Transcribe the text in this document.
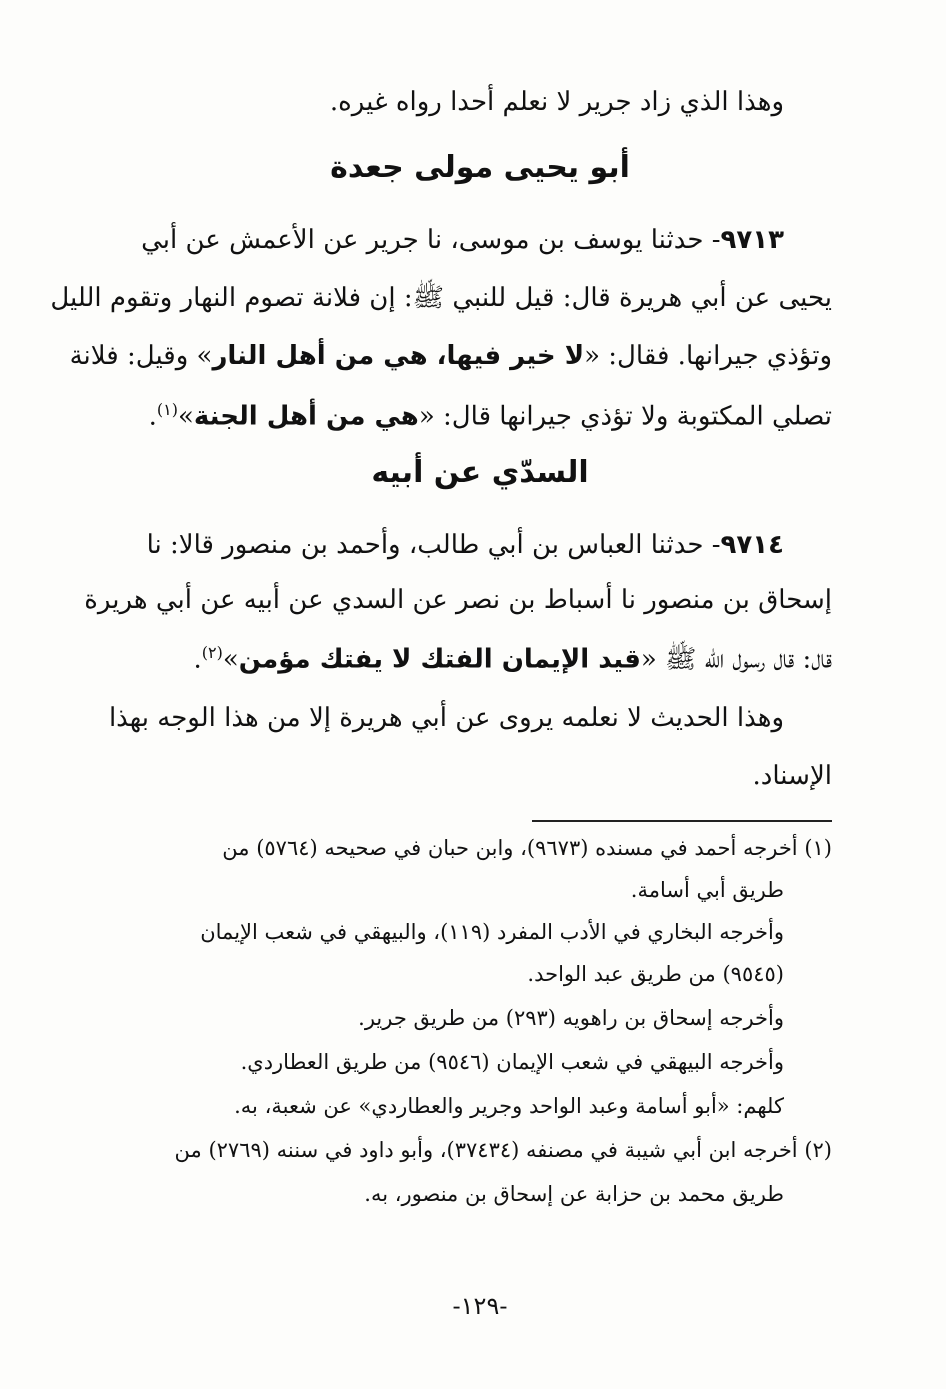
وهذا الذي زاد جرير لا نعلم أحدا رواه غيره.
أبو يحيى مولى جعدة
٩٧١٣- حدثنا يوسف بن موسى، نا جرير عن الأعمش عن أبي
يحيى عن أبي هريرة قال: قيل للنبي ﷺ: إن فلانة تصوم النهار وتقوم الليل
وتؤذي جيرانها. فقال: «لا خير فيها، هي من أهل النار» وقيل: فلانة
تصلي المكتوبة ولا تؤذي جيرانها قال: «هي من أهل الجنة»$^{(١)}$.
السدّي عن أبيه
٩٧١٤- حدثنا العباس بن أبي طالب، وأحمد بن منصور قالا: نا
إسحاق بن منصور نا أسباط بن نصر عن السدي عن أبيه عن أبي هريرة
قال: قال رسول الله ﷺ «قيد الإيمان الفتك لا يفتك مؤمن»$^{(٢)}$.
وهذا الحديث لا نعلمه يروى عن أبي هريرة إلا من هذا الوجه بهذا
الإسناد.
(١) أخرجه أحمد في مسنده (٩٦٧٣)، وابن حبان في صحيحه (٥٧٦٤) من
طريق أبي أسامة.
وأخرجه البخاري في الأدب المفرد (١١٩)، والبيهقي في شعب الإيمان
(٩٥٤٥) من طريق عبد الواحد.
وأخرجه إسحاق بن راهويه (٢٩٣) من طريق جرير.
وأخرجه البيهقي في شعب الإيمان (٩٥٤٦) من طريق العطاردي.
كلهم: «أبو أسامة وعبد الواحد وجرير والعطاردي» عن شعبة، به.
(٢) أخرجه ابن أبي شيبة في مصنفه (٣٧٤٣٤)، وأبو داود في سننه (٢٧٦٩) من
طريق محمد بن حزابة عن إسحاق بن منصور، به.
-١٢٩-
